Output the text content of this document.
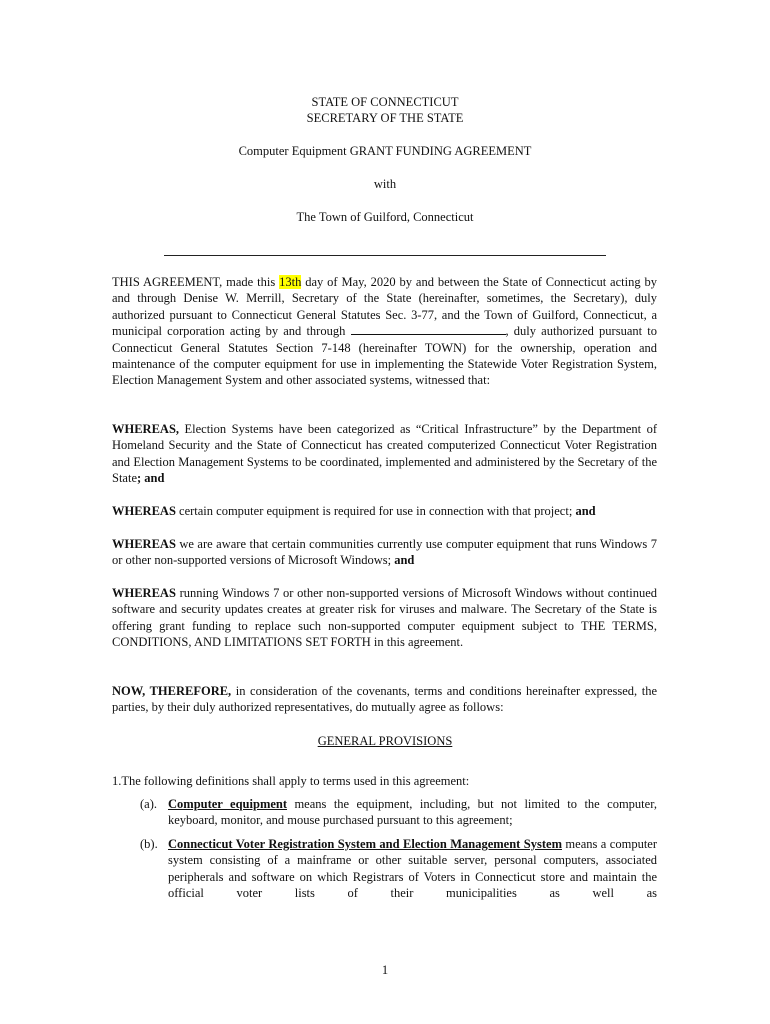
STATE OF CONNECTICUT
SECRETARY OF THE STATE
Computer Equipment GRANT FUNDING AGREEMENT
with
The Town of Guilford, Connecticut

THIS AGREEMENT, made this 13th day of May, 2020 by and between the State of Connecticut acting by and through Denise W. Merrill, Secretary of the State (hereinafter, sometimes, the Secretary), duly authorized pursuant to Connecticut General Statutes Sec. 3-77, and the Town of Guilford, Connecticut, a municipal corporation acting by and through	, duly authorized pursuant to Connecticut General Statutes Section 7-148 (hereinafter TOWN) for the ownership, operation and maintenance of the computer equipment for use in implementing the Statewide Voter Registration System, Election Management System and other associated systems, witnessed that:

WHEREAS, Election Systems have been categorized as “Critical Infrastructure” by the Department of Homeland Security and the State of Connecticut has created computerized Connecticut Voter Registration and Election Management Systems to be coordinated, implemented and administered by the Secretary of the State; and

WHEREAS certain computer equipment is required for use in connection with that project; and

WHEREAS we are aware that certain communities currently use computer equipment that runs Windows 7 or other non-supported versions of Microsoft Windows; and

WHEREAS running Windows 7 or other non-supported versions of Microsoft Windows without continued software and security updates creates at greater risk for viruses and malware. The Secretary of the State is offering grant funding to replace such non-supported computer equipment subject to THE TERMS, CONDITIONS, AND LIMITATIONS SET FORTH in this agreement.

NOW, THEREFORE, in consideration of the covenants, terms and conditions hereinafter expressed, the parties, by their duly authorized representatives, do mutually agree as follows:

GENERAL PROVISIONS
1.The following definitions shall apply to terms used in this agreement:
(a). Computer equipment means the equipment, including, but not limited to the computer, keyboard, monitor, and mouse purchased pursuant to this agreement;
(b). Connecticut Voter Registration System and Election Management System means a computer system consisting of a mainframe or other suitable server, personal computers, associated peripherals and software on which Registrars of Voters in Connecticut store and maintain the official voter lists of their municipalities as well as
1
